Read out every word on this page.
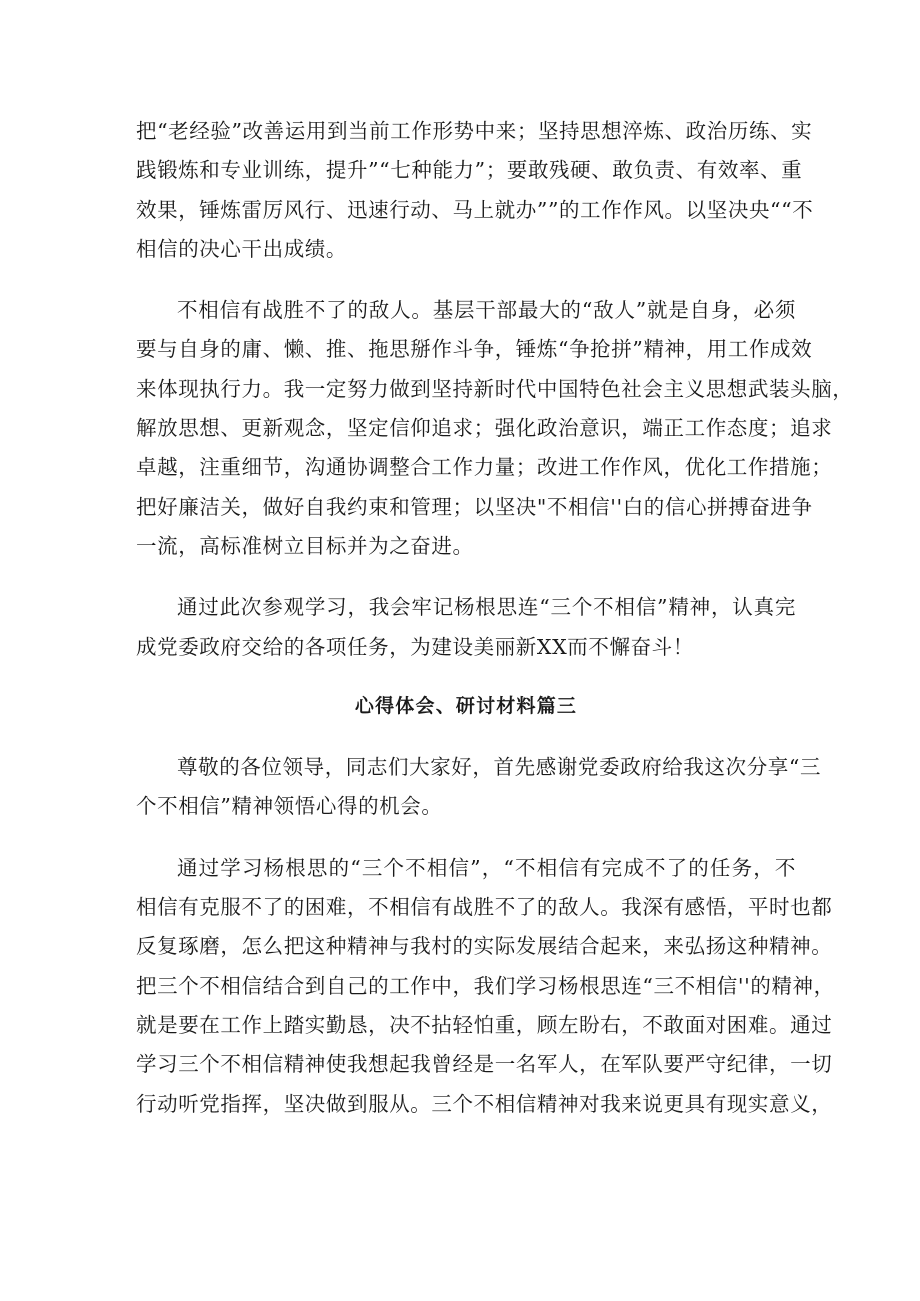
把“老经验”改善运用到当前工作形势中来；坚持思想淬炼、政治历练、实
践锻炼和专业训练，提升”“七种能力”；要敢残硬、敢负责、有效率、重
效果，锤炼雷厉风行、迅速行动、马上就办””的工作作风。以坚决央““不
相信的决心干出成绩。
不相信有战胜不了的敌人。基层干部最大的“敌人”就是自身，必须
要与自身的庸、懒、推、拖思掰作斗争，锤炼“争抢拼”精神，用工作成效
来体现执行力。我一定努力做到坚持新时代中国特色社会主义思想武装头脑，
解放思想、更新观念，坚定信仰追求；强化政治意识，端正工作态度；追求
卓越，注重细节，沟通协调整合工作力量；改进工作作风，优化工作措施；
把好廉洁关，做好自我约束和管理；以坚决"不相信''白的信心拼搏奋进争
一流，高标准树立目标并为之奋进。
通过此次参观学习，我会牢记杨根思连“三个不相信”精神，认真完
成党委政府交给的各项任务，为建设美丽新XX而不懈奋斗！
心得体会、研讨材料篇三
尊敬的各位领导，同志们大家好，首先感谢党委政府给我这次分享“三
个不相信”精神领悟心得的机会。
通过学习杨根思的“三个不相信”，“不相信有完成不了的任务，不
相信有克服不了的困难，不相信有战胜不了的敌人。我深有感悟，平时也都
反复琢磨，怎么把这种精神与我村的实际发展结合起来，来弘扬这种精神。
把三个不相信结合到自己的工作中，我们学习杨根思连“三不相信''的精神，
就是要在工作上踏实勤恳，决不拈轻怕重，顾左盼右，不敢面对困难。通过
学习三个不相信精神使我想起我曾经是一名军人，在军队要严守纪律，一切
行动听党指挥，坚决做到服从。三个不相信精神对我来说更具有现实意义，
